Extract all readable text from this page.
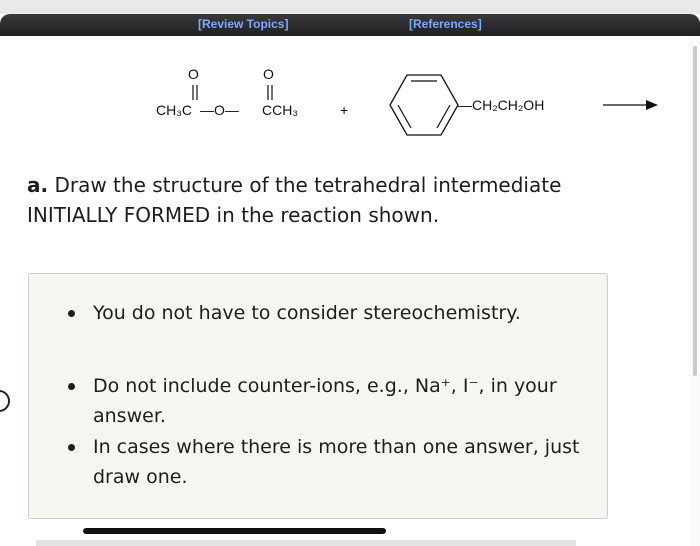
[Review Topics]	[References]
O	O
CH₃C —O— CCH₃	+	—CH₂CH₂OH
a. Draw the structure of the tetrahedral intermediate INITIALLY FORMED in the reaction shown.
You do not have to consider stereochemistry.
Do not include counter-ions, e.g., Na⁺, I⁻, in your answer.
In cases where there is more than one answer, just draw one.
